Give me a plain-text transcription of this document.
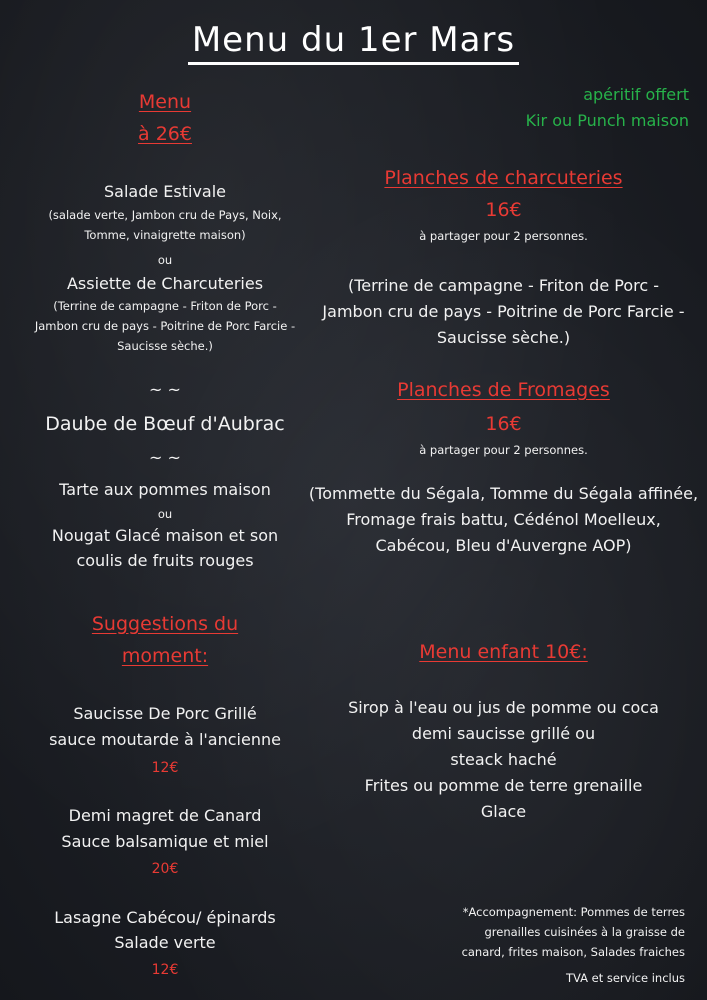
Menu du 1er Mars
Menu
à 26€
Salade Estivale
(salade verte, Jambon cru de Pays, Noix,
Tomme, vinaigrette maison)
ou
Assiette de Charcuteries
(Terrine de campagne - Friton de Porc -
Jambon cru de pays - Poitrine de Porc Farcie -
Saucisse sèche.)
~ ~
Daube de Bœuf d'Aubrac
~ ~
Tarte aux pommes maison
ou
Nougat Glacé maison et son
coulis de fruits rouges
Suggestions du
moment:
Saucisse De Porc Grillé
sauce moutarde à l'ancienne
12€
Demi magret de Canard
Sauce balsamique et miel
20€
Lasagne Cabécou/ épinards
Salade verte
12€
apéritif offert
Kir ou Punch maison
Planches de charcuteries
16€
à partager pour 2 personnes.
(Terrine de campagne - Friton de Porc -
Jambon cru de pays - Poitrine de Porc Farcie -
Saucisse sèche.)
Planches de Fromages
16€
à partager pour 2 personnes.
(Tommette du Ségala, Tomme du Ségala affinée,
Fromage frais battu, Cédénol Moelleux,
Cabécou, Bleu d'Auvergne AOP)
Menu enfant 10€:
Sirop à l'eau ou jus de pomme ou coca
demi saucisse grillé ou
steack haché
Frites ou pomme de terre grenaille
Glace
*Accompagnement: Pommes de terres
grenailles cuisinées à la graisse de
canard, frites maison, Salades fraiches
TVA et service inclus
